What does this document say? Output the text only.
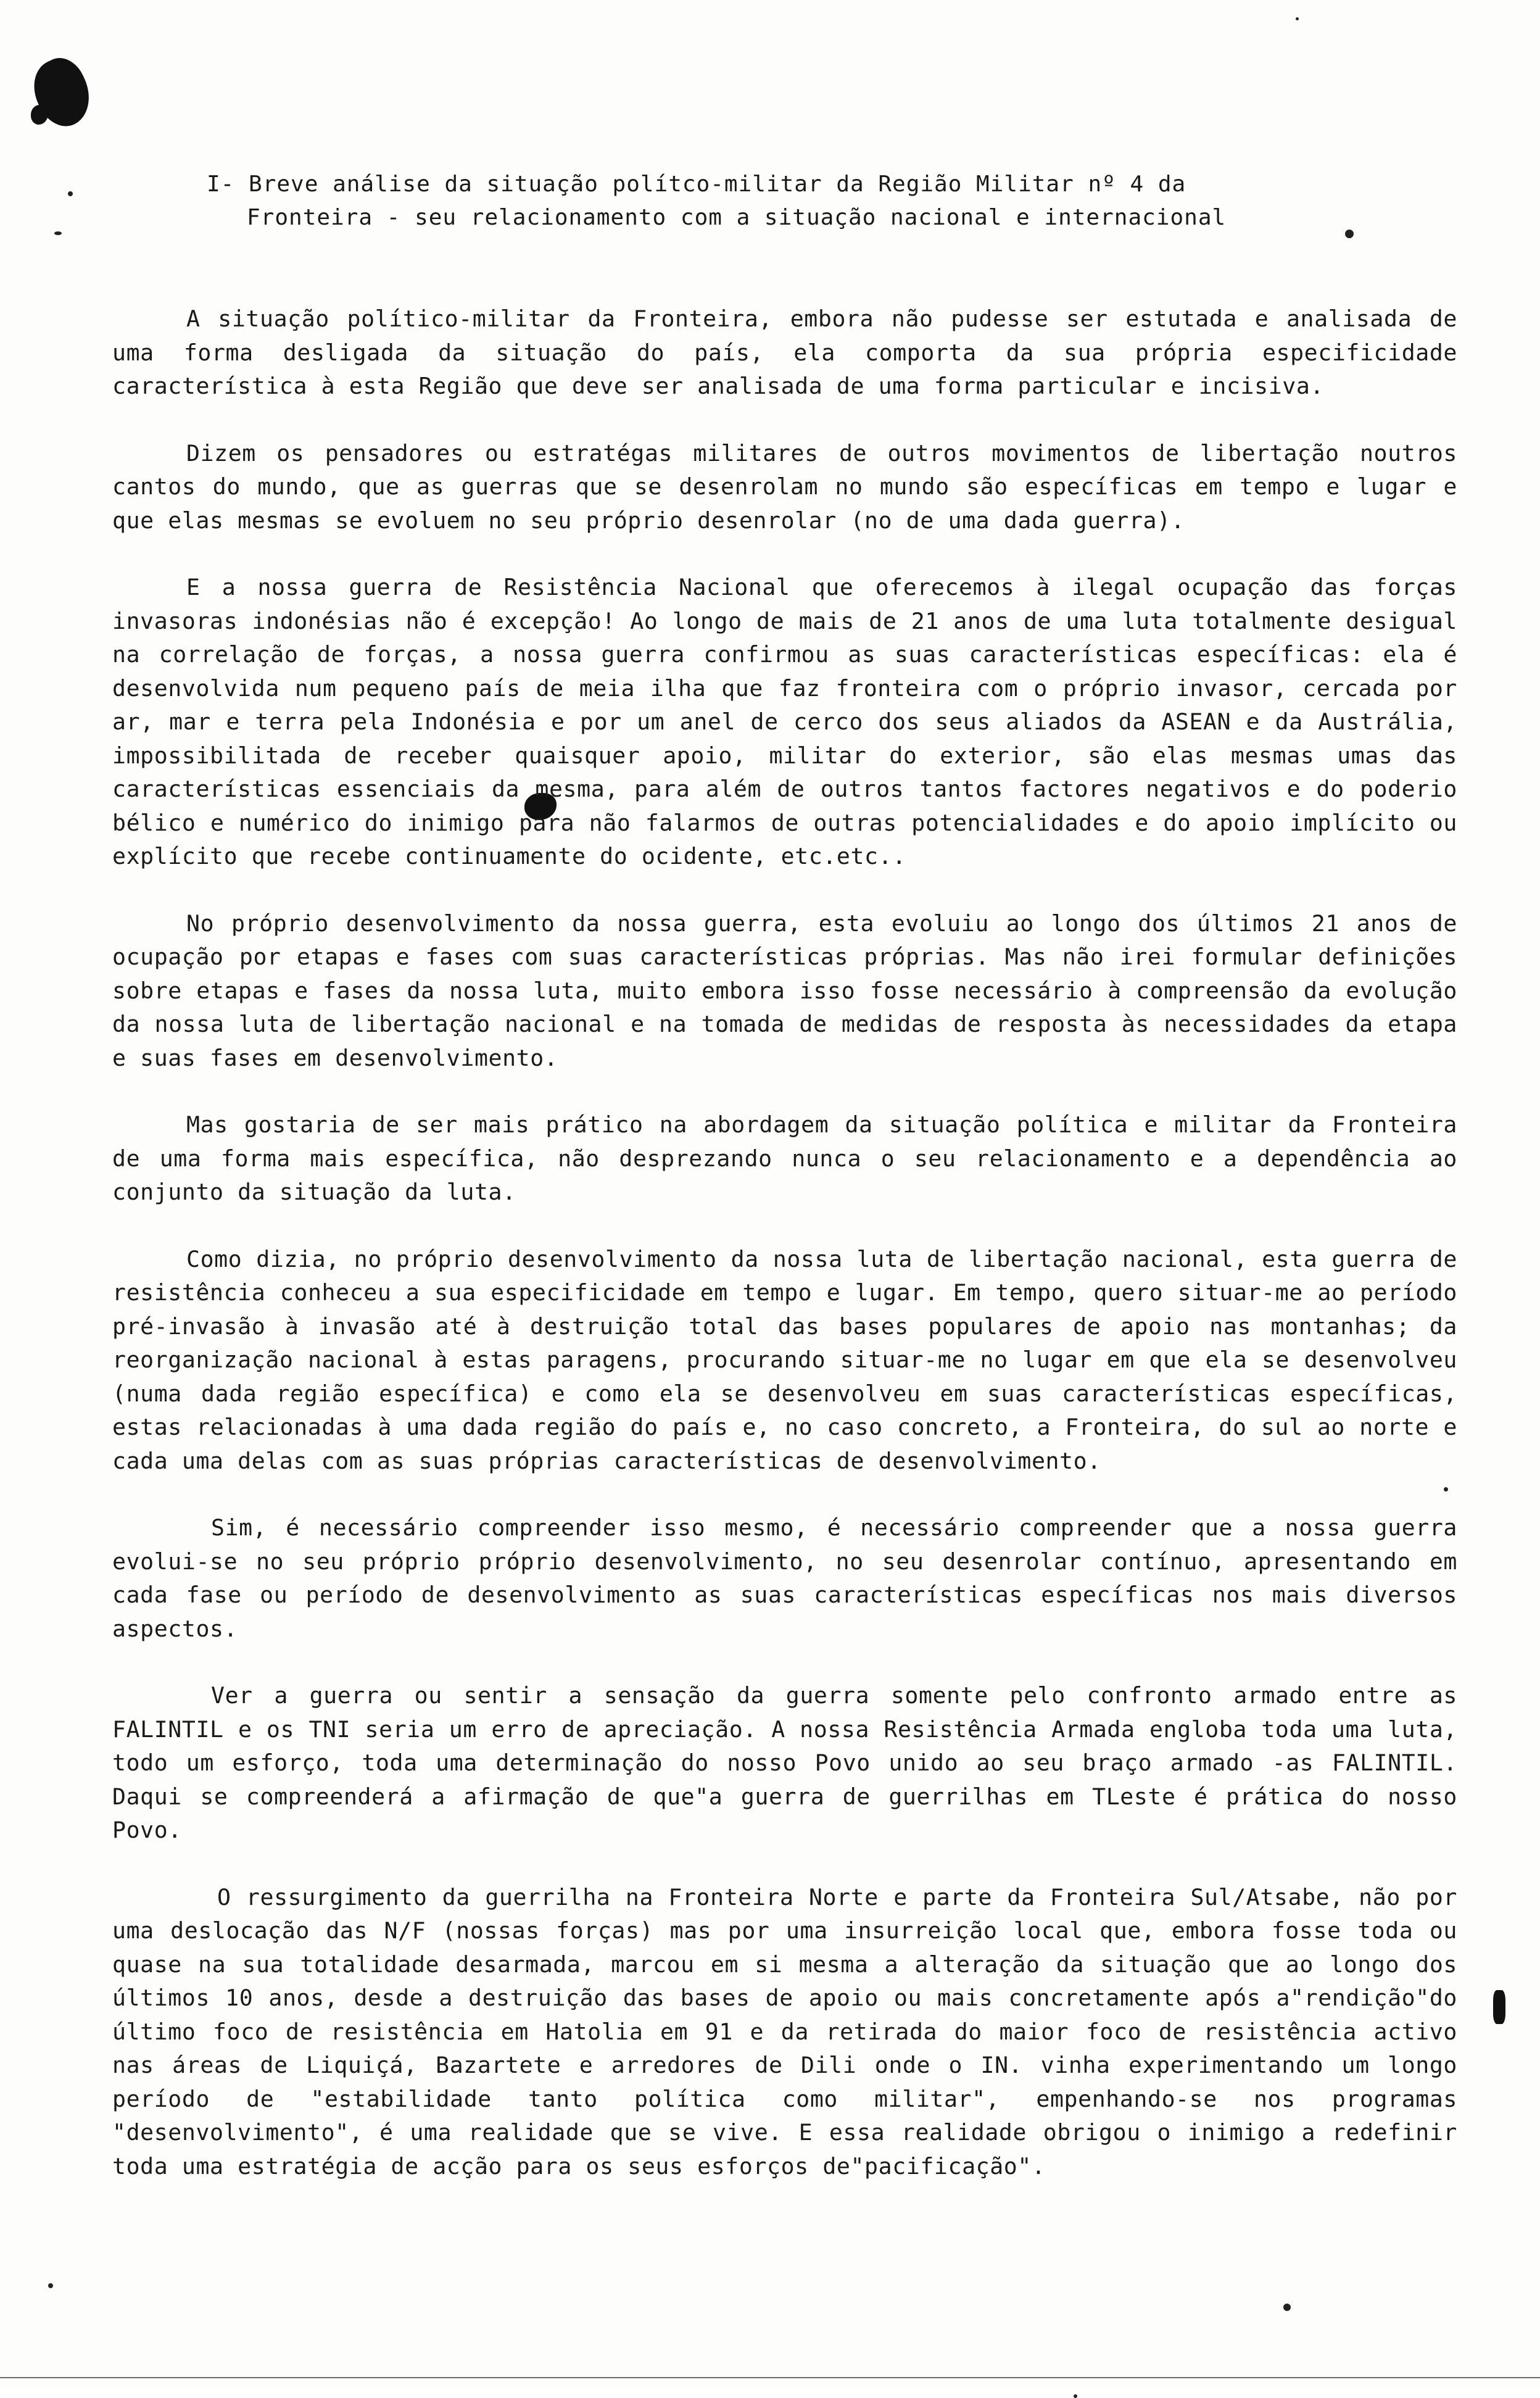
I- Breve análise da situação polítco-militar da Região Militar nº 4 da
Fronteira - seu relacionamento com a situação nacional e internacional

A situação político-militar da Fronteira, embora não pudesse ser estutada e analisada de uma forma desligada da situação do país, ela comporta da sua própria especificidade característica à esta Região que deve ser analisada de uma forma particular e incisiva.

Dizem os pensadores ou estratégas militares de outros movimentos de libertação noutros cantos do mundo, que as guerras que se desenrolam no mundo são específicas em tempo e lugar e que elas mesmas se evoluem no seu próprio desenrolar (no de uma dada guerra).

E a nossa guerra de Resistência Nacional que oferecemos à ilegal ocupação das forças invasoras indonésias não é excepção! Ao longo de mais de 21 anos de uma luta totalmente desigual na correlação de forças, a nossa guerra confirmou as suas características específicas: ela é desenvolvida num pequeno país de meia ilha que faz fronteira com o próprio invasor, cercada por ar, mar e terra pela Indonésia e por um anel de cerco dos seus aliados da ASEAN e da Austrália, impossibilitada de receber quaisquer apoio, militar do exterior, são elas mesmas umas das características essenciais da mesma, para além de outros tantos factores negativos e do poderio bélico e numérico do inimigo para não falarmos de outras potencialidades e do apoio implícito ou explícito que recebe continuamente do ocidente, etc.etc..

No próprio desenvolvimento da nossa guerra, esta evoluiu ao longo dos últimos 21 anos de ocupação por etapas e fases com suas características próprias. Mas não irei formular definições sobre etapas e fases da nossa luta, muito embora isso fosse necessário à compreensão da evolução da nossa luta de libertação nacional e na tomada de medidas de resposta às necessidades da etapa e suas fases em desenvolvimento.

Mas gostaria de ser mais prático na abordagem da situação política e militar da Fronteira de uma forma mais específica, não desprezando nunca o seu relacionamento e a dependência ao conjunto da situação da luta.

Como dizia, no próprio desenvolvimento da nossa luta de libertação nacional, esta guerra de resistência conheceu a sua especificidade em tempo e lugar. Em tempo, quero situar-me ao período pré-invasão à invasão até à destruição total das bases populares de apoio nas montanhas; da reorganização nacional à estas paragens, procurando situar-me no lugar em que ela se desenvolveu (numa dada região específica) e como ela se desenvolveu em suas características específicas, estas relacionadas à uma dada região do país e, no caso concreto, a Fronteira, do sul ao norte e cada uma delas com as suas próprias características de desenvolvimento.

Sim, é necessário compreender isso mesmo, é necessário compreender que a nossa guerra evolui-se no seu próprio próprio desenvolvimento, no seu desenrolar contínuo, apresentando em cada fase ou período de desenvolvimento as suas características específicas nos mais diversos aspectos.

Ver a guerra ou sentir a sensação da guerra somente pelo confronto armado entre as FALINTIL e os TNI seria um erro de apreciação. A nossa Resistência Armada engloba toda uma luta, todo um esforço, toda uma determinação do nosso Povo unido ao seu braço armado -as FALINTIL. Daqui se compreenderá a afirmação de que"a guerra de guerrilhas em TLeste é prática do nosso Povo.

O ressurgimento da guerrilha na Fronteira Norte e parte da Fronteira Sul/Atsabe, não por uma deslocação das N/F (nossas forças) mas por uma insurreição local que, embora fosse toda ou quase na sua totalidade desarmada, marcou em si mesma a alteração da situação que ao longo dos últimos 10 anos, desde a destruição das bases de apoio ou mais concretamente após a"rendição"do último foco de resistência em Hatolia em 91 e da retirada do maior foco de resistência activo nas áreas de Liquiçá, Bazartete e arredores de Dili onde o IN. vinha experimentando um longo período de "estabilidade tanto política como militar", empenhando-se nos programas "desenvolvimento", é uma realidade que se vive. E essa realidade obrigou o inimigo a redefinir toda uma estratégia de acção para os seus esforços de"pacificação".
